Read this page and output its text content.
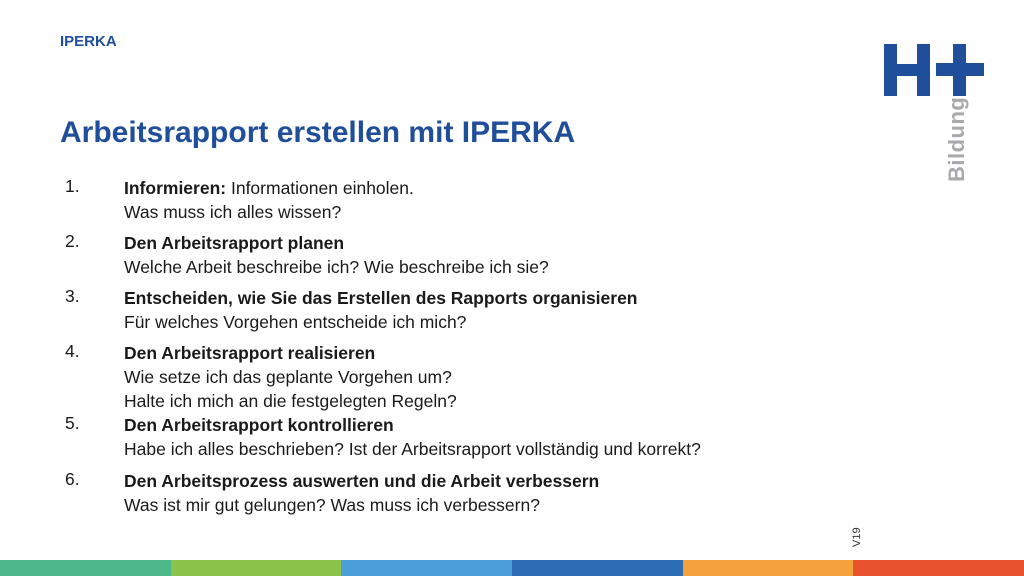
IPERKA
Arbeitsrapport erstellen mit IPERKA	Bildung
1.	Informieren: Informationen einholen.
Was muss ich alles wissen?
2.	Den Arbeitsrapport planen
Welche Arbeit beschreibe ich? Wie beschreibe ich sie?
3.	Entscheiden, wie Sie das Erstellen des Rapports organisieren
Für welches Vorgehen entscheide ich mich?
4.	Den Arbeitsrapport realisieren
Wie setze ich das geplante Vorgehen um?
Halte ich mich an die festgelegten Regeln?
5.	Den Arbeitsrapport kontrollieren
Habe ich alles beschrieben? Ist der Arbeitsrapport vollständig und korrekt?
6.	Den Arbeitsprozess auswerten und die Arbeit verbessern
Was ist mir gut gelungen? Was muss ich verbessern?
V19
